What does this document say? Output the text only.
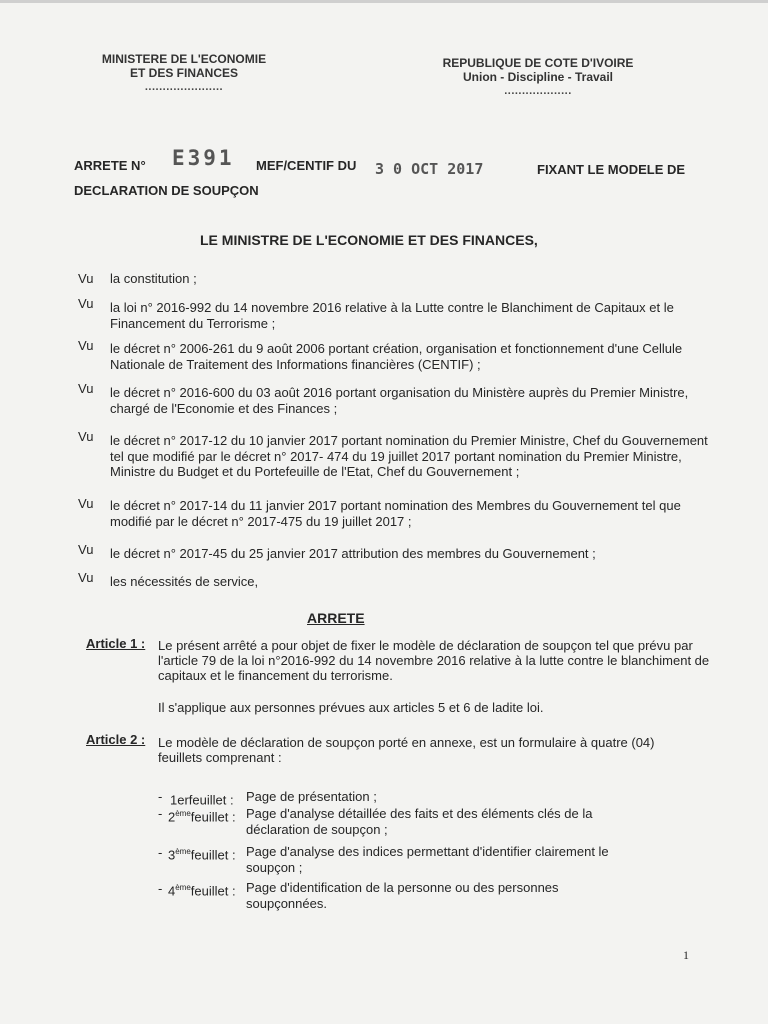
MINISTERE DE L'ECONOMIE
ET DES FINANCES
......................
REPUBLIQUE DE COTE D'IVOIRE
Union - Discipline - Travail
...................
ARRETE N° E391 MEF/CENTIF DU 3 0 OCT 2017	FIXANT LE MODELE DE
DECLARATION DE SOUPÇON
LE MINISTRE DE L'ECONOMIE ET DES FINANCES,
Vu la constitution ;
Vu la loi n° 2016-992 du 14 novembre 2016 relative à la Lutte contre le Blanchiment de Capitaux et le Financement du Terrorisme ;
Vu le décret n° 2006-261 du 9 août 2006 portant création, organisation et fonctionnement d'une Cellule Nationale de Traitement des Informations financières (CENTIF) ;
Vu le décret n° 2016-600 du 03 août 2016 portant organisation du Ministère auprès du Premier Ministre, chargé de l'Economie et des Finances ;
Vu le décret n° 2017-12 du 10 janvier 2017 portant nomination du Premier Ministre, Chef du Gouvernement tel que modifié par le décret n° 2017- 474 du 19 juillet 2017 portant nomination du Premier Ministre, Ministre du Budget et du Portefeuille de l'Etat, Chef du Gouvernement ;
Vu le décret n° 2017-14 du 11 janvier 2017 portant nomination des Membres du Gouvernement tel que modifié par le décret n° 2017-475 du 19 juillet 2017 ;
Vu le décret n° 2017-45 du 25 janvier 2017 attribution des membres du Gouvernement ;
Vu les nécessités de service,
ARRETE
Article 1 : Le présent arrêté a pour objet de fixer le modèle de déclaration de soupçon tel que prévu par l'article 79 de la loi n°2016-992 du 14 novembre 2016 relative à la lutte contre le blanchiment de capitaux et le financement du terrorisme.
Il s'applique aux personnes prévues aux articles 5 et 6 de ladite loi.
Article 2 : Le modèle de déclaration de soupçon porté en annexe, est un formulaire à quatre (04) feuillets comprenant :
- 1erfeuillet : Page de présentation ;
- 2èmefeuillet : Page d'analyse détaillée des faits et des éléments clés de la déclaration de soupçon ;
- 3èmefeuillet : Page d'analyse des indices permettant d'identifier clairement le soupçon ;
- 4èmefeuillet : Page d'identification de la personne ou des personnes soupçonnées.
1
